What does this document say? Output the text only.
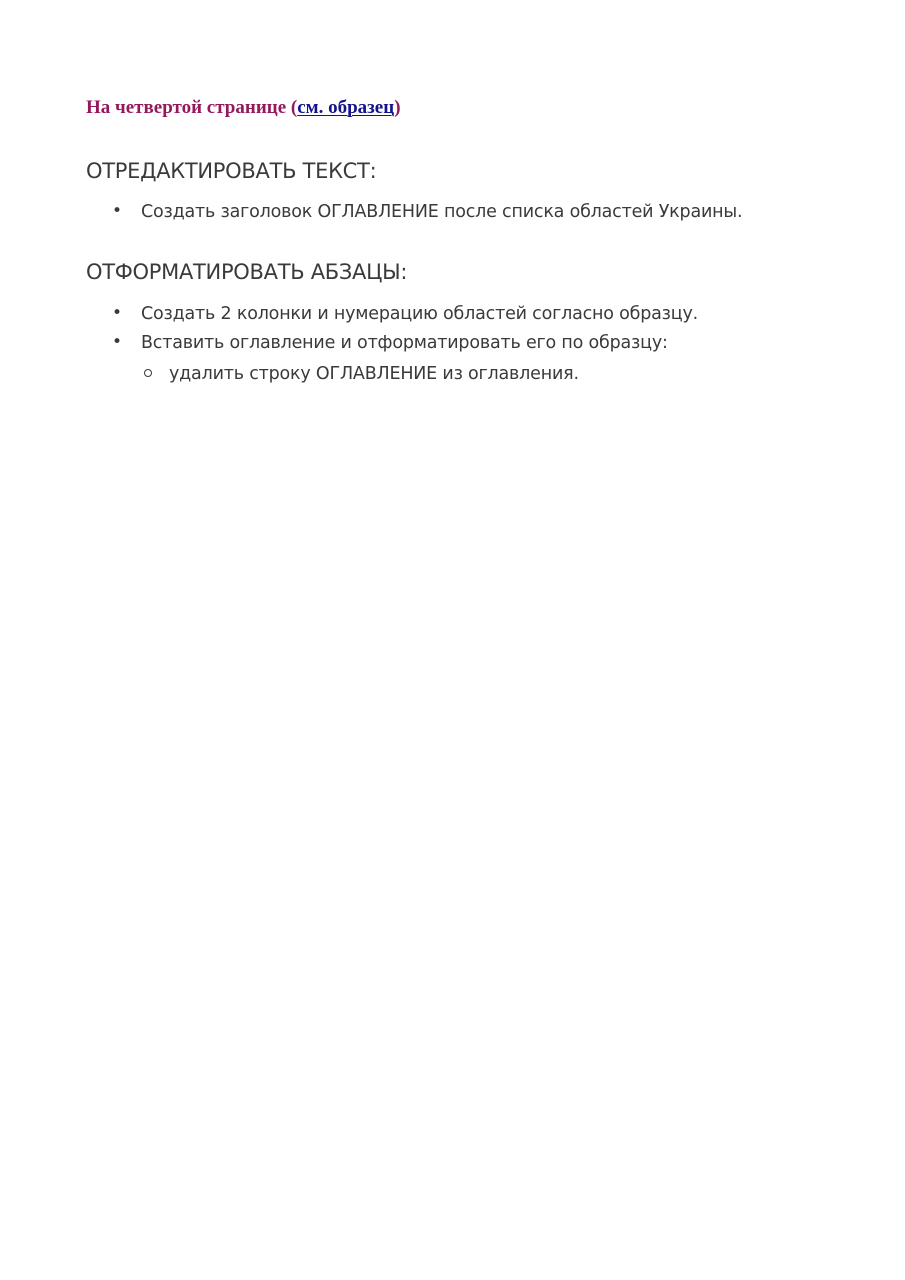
На четвертой странице (см. образец)
ОТРЕДАКТИРОВАТЬ ТЕКСТ:
• Создать заголовок ОГЛАВЛЕНИЕ после списка областей Украины.
ОТФОРМАТИРОВАТЬ АБЗАЦЫ:
• Создать 2 колонки и нумерацию областей согласно образцу.
• Вставить оглавление и отформатировать его по образцу:
удалить строку ОГЛАВЛЕНИЕ из оглавления.
